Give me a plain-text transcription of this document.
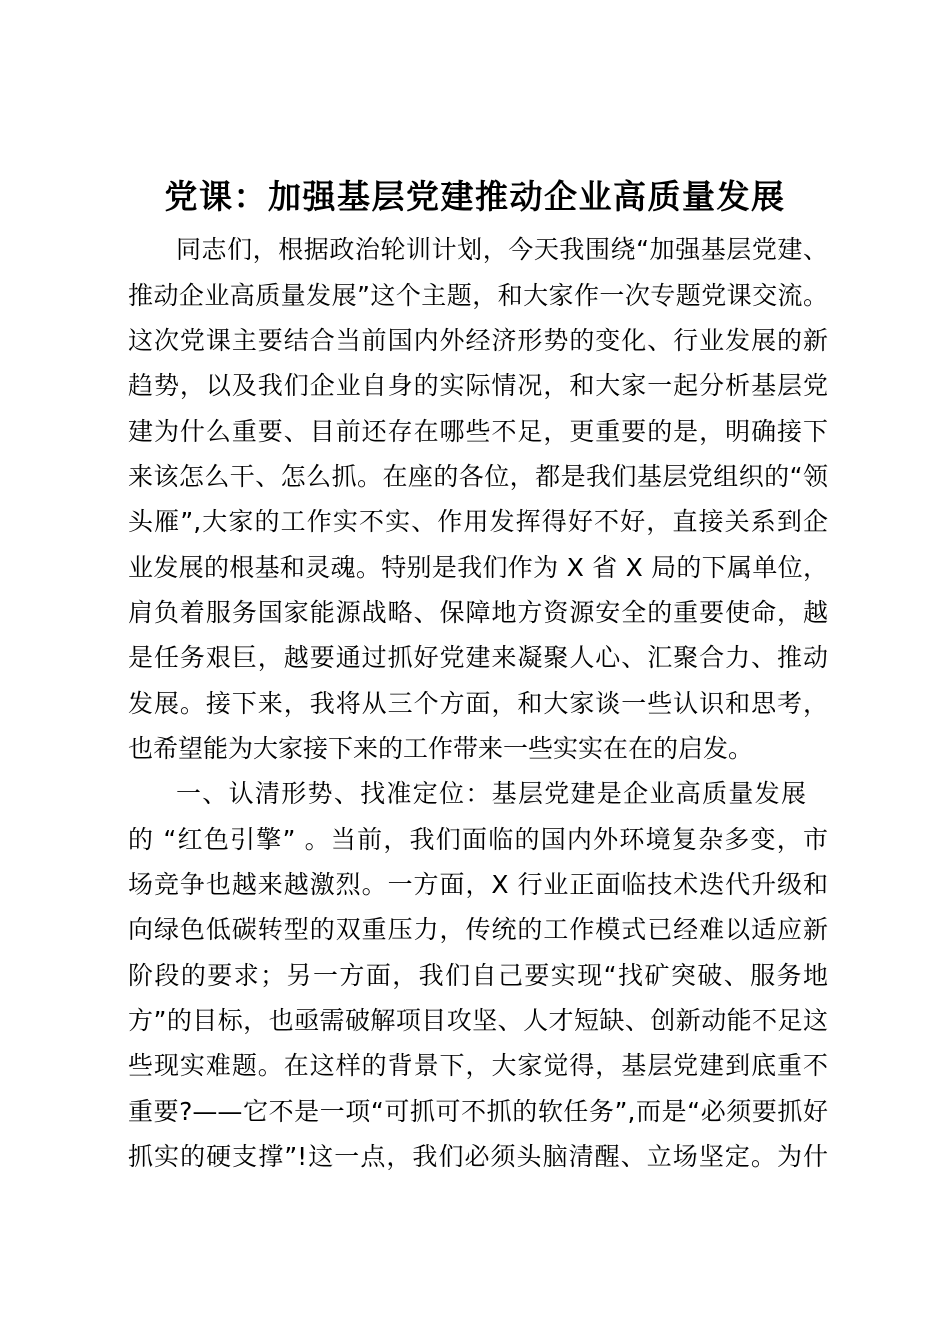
党课：加强基层党建推动企业高质量发展
同志们，根据政治轮训计划，今天我围绕“加强基层党建、
推动企业高质量发展”这个主题，和大家作一次专题党课交流。
这次党课主要结合当前国内外经济形势的变化、行业发展的新
趋势，以及我们企业自身的实际情况，和大家一起分析基层党
建为什么重要、目前还存在哪些不足，更重要的是，明确接下
来该怎么干、怎么抓。在座的各位，都是我们基层党组织的“领
头雁”,大家的工作实不实、作用发挥得好不好，直接关系到企
业发展的根基和灵魂。特别是我们作为 X 省 X 局的下属单位，
肩负着服务国家能源战略、保障地方资源安全的重要使命，越
是任务艰巨，越要通过抓好党建来凝聚人心、汇聚合力、推动
发展。接下来，我将从三个方面，和大家谈一些认识和思考，
也希望能为大家接下来的工作带来一些实实在在的启发。
一、认清形势、找准定位：基层党建是企业高质量发展
的 “红色引擎” 。当前，我们面临的国内外环境复杂多变，市
场竞争也越来越激烈。一方面，X 行业正面临技术迭代升级和
向绿色低碳转型的双重压力，传统的工作模式已经难以适应新
阶段的要求；另一方面，我们自己要实现“找矿突破、服务地
方”的目标，也亟需破解项目攻坚、人才短缺、创新动能不足这
些现实难题。在这样的背景下，大家觉得，基层党建到底重不
重要?——它不是一项“可抓可不抓的软任务”,而是“必须要抓好
抓实的硬支撑”!这一点，我们必须头脑清醒、立场坚定。为什
